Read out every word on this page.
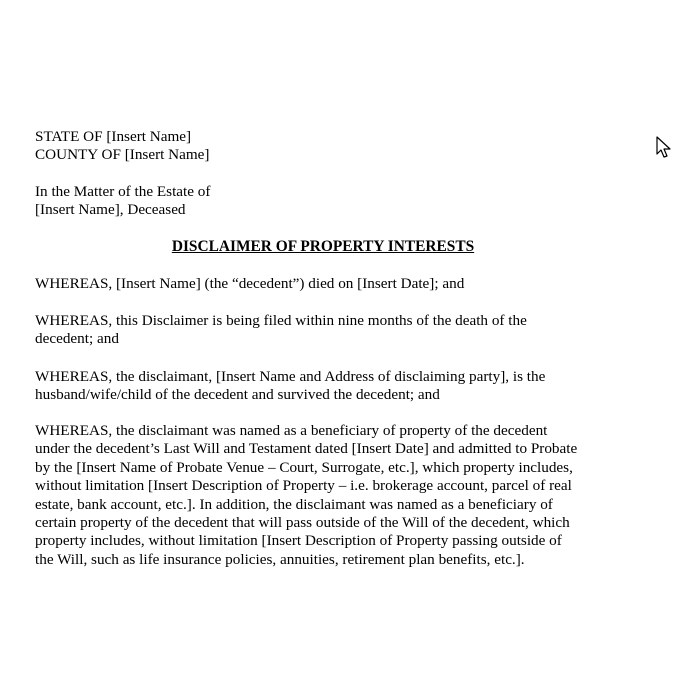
STATE OF [Insert Name]
COUNTY OF [Insert Name]
In the Matter of the Estate of
[Insert Name], Deceased
DISCLAIMER OF PROPERTY INTERESTS
WHEREAS, [Insert Name] (the “decedent”) died on [Insert Date]; and
WHEREAS, this Disclaimer is being filed within nine months of the death of the
decedent; and
WHEREAS, the disclaimant, [Insert Name and Address of disclaiming party], is the
husband/wife/child of the decedent and survived the decedent; and
WHEREAS, the disclaimant was named as a beneficiary of property of the decedent
under the decedent’s Last Will and Testament dated [Insert Date] and admitted to Probate
by the [Insert Name of Probate Venue – Court, Surrogate, etc.], which property includes,
without limitation [Insert Description of Property – i.e. brokerage account, parcel of real
estate, bank account, etc.]. In addition, the disclaimant was named as a beneficiary of
certain property of the decedent that will pass outside of the Will of the decedent, which
property includes, without limitation [Insert Description of Property passing outside of
the Will, such as life insurance policies, annuities, retirement plan benefits, etc.].
